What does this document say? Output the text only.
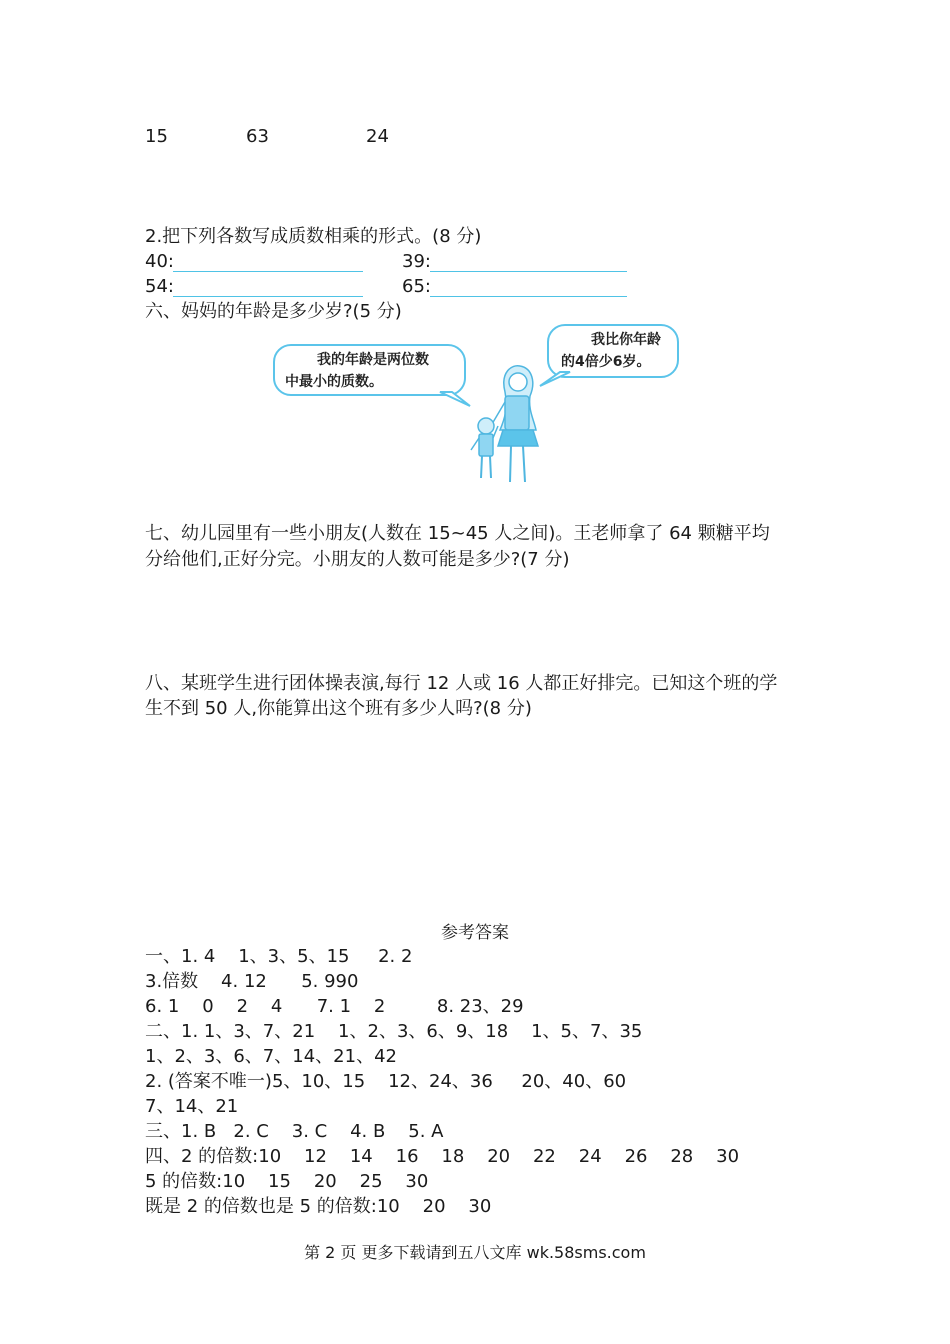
15

	63

	24

2.把下列各数写成质数相乘的形式。(8 分)
40:	39:
54:	65:
六、妈妈的年龄是多少岁?(5 分)
我的年龄是两位数
中最小的质数。
我比你年龄
的4倍少6岁。
七、幼儿园里有一些小朋友(人数在 15~45 人之间)。王老师拿了 64 颗糖平均
分给他们,正好分完。小朋友的人数可能是多少?(7 分)
八、某班学生进行团体操表演,每行 12 人或 16 人都正好排完。已知这个班的学
生不到 50 人,你能算出这个班有多少人吗?(8 分)
参考答案
一、1. 4    1、3、5、15     2. 2
3.倍数    4. 12      5. 990
6. 1    0    2    4      7. 1    2         8. 23、29
二、1. 1、3、7、21    1、2、3、6、9、18    1、5、7、35
1、2、3、6、7、14、21、42
2. (答案不唯一)5、10、15    12、24、36     20、40、60
7、14、21
三、1. B   2. C    3. C    4. B    5. A
四、2 的倍数:10    12    14    16    18    20    22    24    26    28    30
5 的倍数:10    15    20    25    30
既是 2 的倍数也是 5 的倍数:10    20    30
第 2 页 更多下载请到五八文库 wk.58sms.com
